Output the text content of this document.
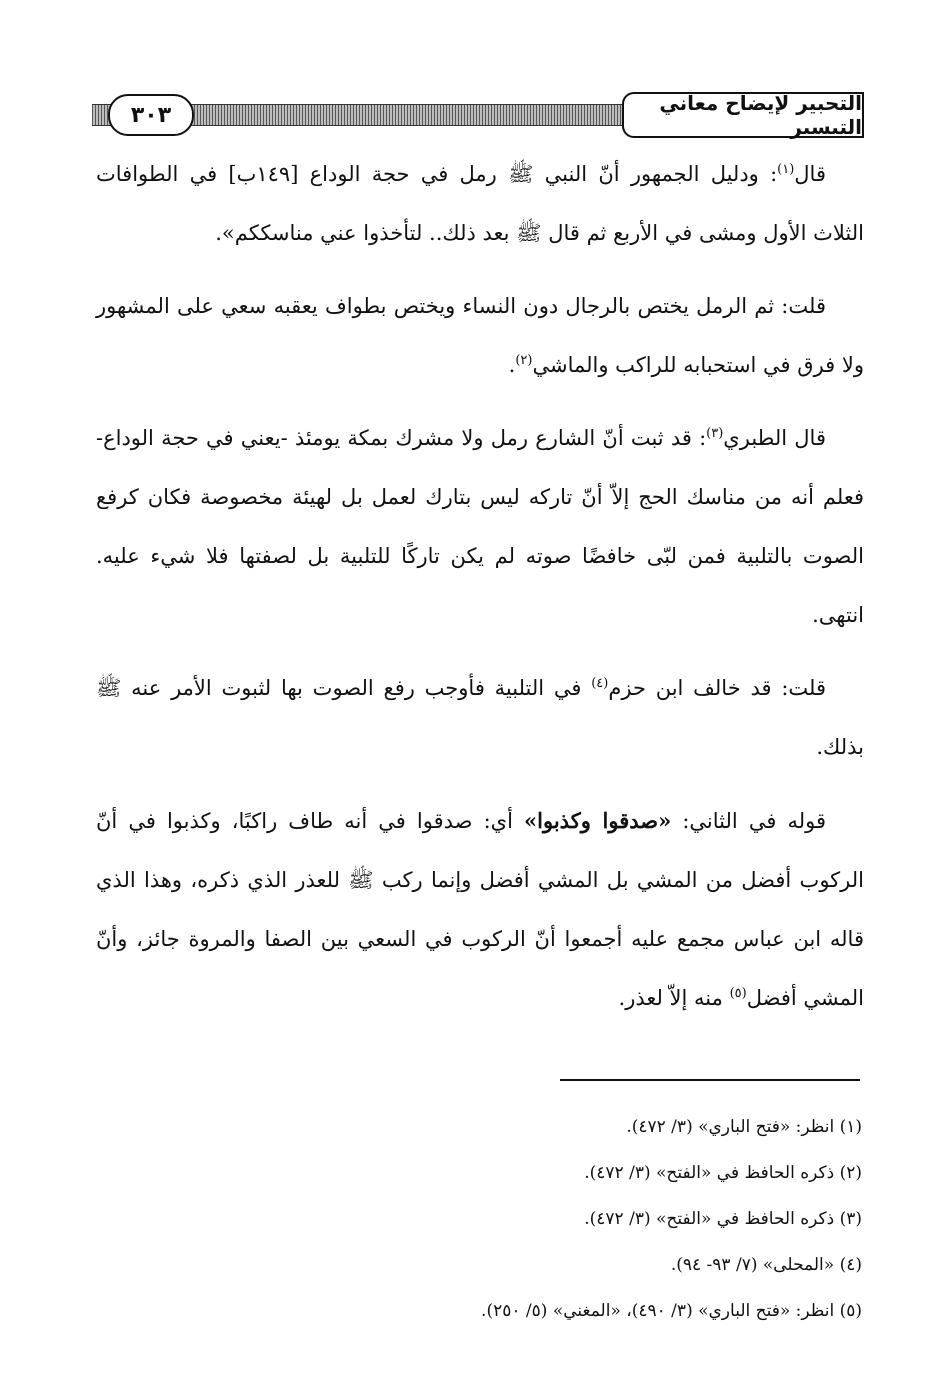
٣٠٣	التحبير لإيضاح معاني التيسير

قال$^{(١)}$: ودليل الجمهور أنّ النبي ﷺ رمل في حجة الوداع [١٤٩ب] في الطوافات الثلاث الأول ومشى في الأربع ثم قال ﷺ بعد ذلك.. لتأخذوا عني مناسككم».

قلت: ثم الرمل يختص بالرجال دون النساء ويختص بطواف يعقبه سعي على المشهور ولا فرق في استحبابه للراكب والماشي$^{(٢)}$.

قال الطبري$^{(٣)}$: قد ثبت أنّ الشارع رمل ولا مشرك بمكة يومئذ -يعني في حجة الوداع- فعلم أنه من مناسك الحج إلاّ أنّ تاركه ليس بتارك لعمل بل لهيئة مخصوصة فكان كرفع الصوت بالتلبية فمن لبّى خافضًا صوته لم يكن تاركًا للتلبية بل لصفتها فلا شيء عليه. انتهى.

قلت: قد خالف ابن حزم$^{(٤)}$ في التلبية فأوجب رفع الصوت بها لثبوت الأمر عنه ﷺ بذلك.

قوله في الثاني: «صدقوا وكذبوا» أي: صدقوا في أنه طاف راكبًا، وكذبوا في أنّ الركوب أفضل من المشي بل المشي أفضل وإنما ركب ﷺ للعذر الذي ذكره، وهذا الذي قاله ابن عباس مجمع عليه أجمعوا أنّ الركوب في السعي بين الصفا والمروة جائز، وأنّ المشي أفضل$^{(٥)}$ منه إلاّ لعذر.

(١) انظر: «فتح الباري» (٣/ ٤٧٢).
(٢) ذكره الحافظ في «الفتح» (٣/ ٤٧٢).
(٣) ذكره الحافظ في «الفتح» (٣/ ٤٧٢).
(٤) «المحلى» (٧/ ٩٣- ٩٤).
(٥) انظر: «فتح الباري» (٣/ ٤٩٠)، «المغني» (٥/ ٢٥٠).
